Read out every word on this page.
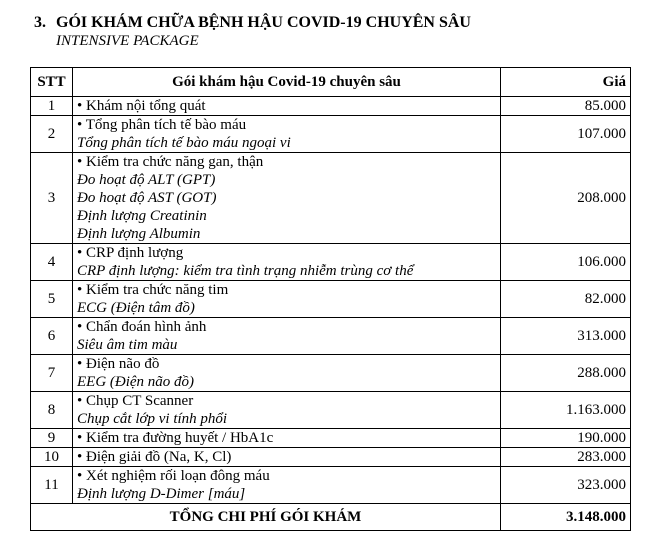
3. GÓI KHÁM CHỮA BỆNH HẬU COVID-19 CHUYÊN SÂU
INTENSIVE PACKAGE
STT	Gói khám hậu Covid-19 chuyên sâu	Giá
1	• Khám nội tổng quát	85.000
2	• Tổng phân tích tế bào máu
Tổng phân tích tế bào máu ngoại vi	107.000
3	• Kiểm tra chức năng gan, thận
Đo hoạt độ ALT (GPT)
Đo hoạt độ AST (GOT)
Định lượng Creatinin
Định lượng Albumin	208.000
4	• CRP định lượng
CRP định lượng: kiểm tra tình trạng nhiễm trùng cơ thể	106.000
5	• Kiểm tra chức năng tim
ECG (Điện tâm đồ)	82.000
6	• Chẩn đoán hình ảnh
Siêu âm tim màu	313.000
7	• Điện não đồ
EEG (Điện não đồ)	288.000
8	• Chụp CT Scanner
Chụp cắt lớp vi tính phổi	1.163.000
9	• Kiểm tra đường huyết / HbA1c	190.000
10	• Điện giải đồ (Na, K, Cl)	283.000
11	• Xét nghiệm rối loạn đông máu
Định lượng D-Dimer [máu]	323.000
TỔNG CHI PHÍ GÓI KHÁM		3.148.000
